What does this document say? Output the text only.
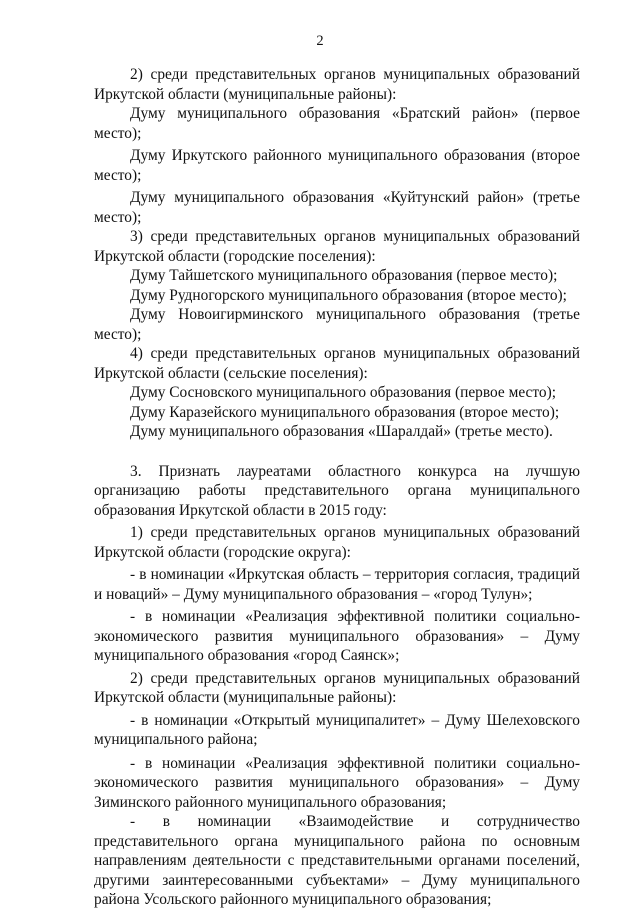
2

2) среди представительных органов муниципальных образований Иркутской области (муниципальные районы):

Думу муниципального образования «Братский район» (первое место);

Думу Иркутского районного муниципального образования (второе место);

Думу муниципального образования «Куйтунский район» (третье место);

3) среди представительных органов муниципальных образований Иркутской области (городские поселения):

Думу Тайшетского муниципального образования (первое место);

Думу Рудногорского муниципального образования (второе место);

Думу Новоигирминского муниципального образования (третье место);

4) среди представительных органов муниципальных образований Иркутской области (сельские поселения):

Думу Сосновского муниципального образования (первое место);

Думу Каразейского муниципального образования (второе место);

Думу муниципального образования «Шаралдай» (третье место).

3. Признать лауреатами областного конкурса на лучшую организацию работы представительного органа муниципального образования Иркутской области в 2015 году:

1) среди представительных органов муниципальных образований Иркутской области (городские округа):

- в номинации «Иркутская область – территория согласия, традиций и новаций» – Думу муниципального образования – «город Тулун»;

- в номинации «Реализация эффективной политики социально-экономического развития муниципального образования» – Думу муниципального образования «город Саянск»;

2) среди представительных органов муниципальных образований Иркутской области (муниципальные районы):

- в номинации «Открытый муниципалитет» – Думу Шелеховского муниципального района;

- в номинации «Реализация эффективной политики социально-экономического развития муниципального образования» – Думу Зиминского районного муниципального образования;

- в номинации «Взаимодействие и сотрудничество представительного органа муниципального района по основным направлениям деятельности с представительными органами поселений, другими заинтересованными субъектами» – Думу муниципального района Усольского районного муниципального образования;
